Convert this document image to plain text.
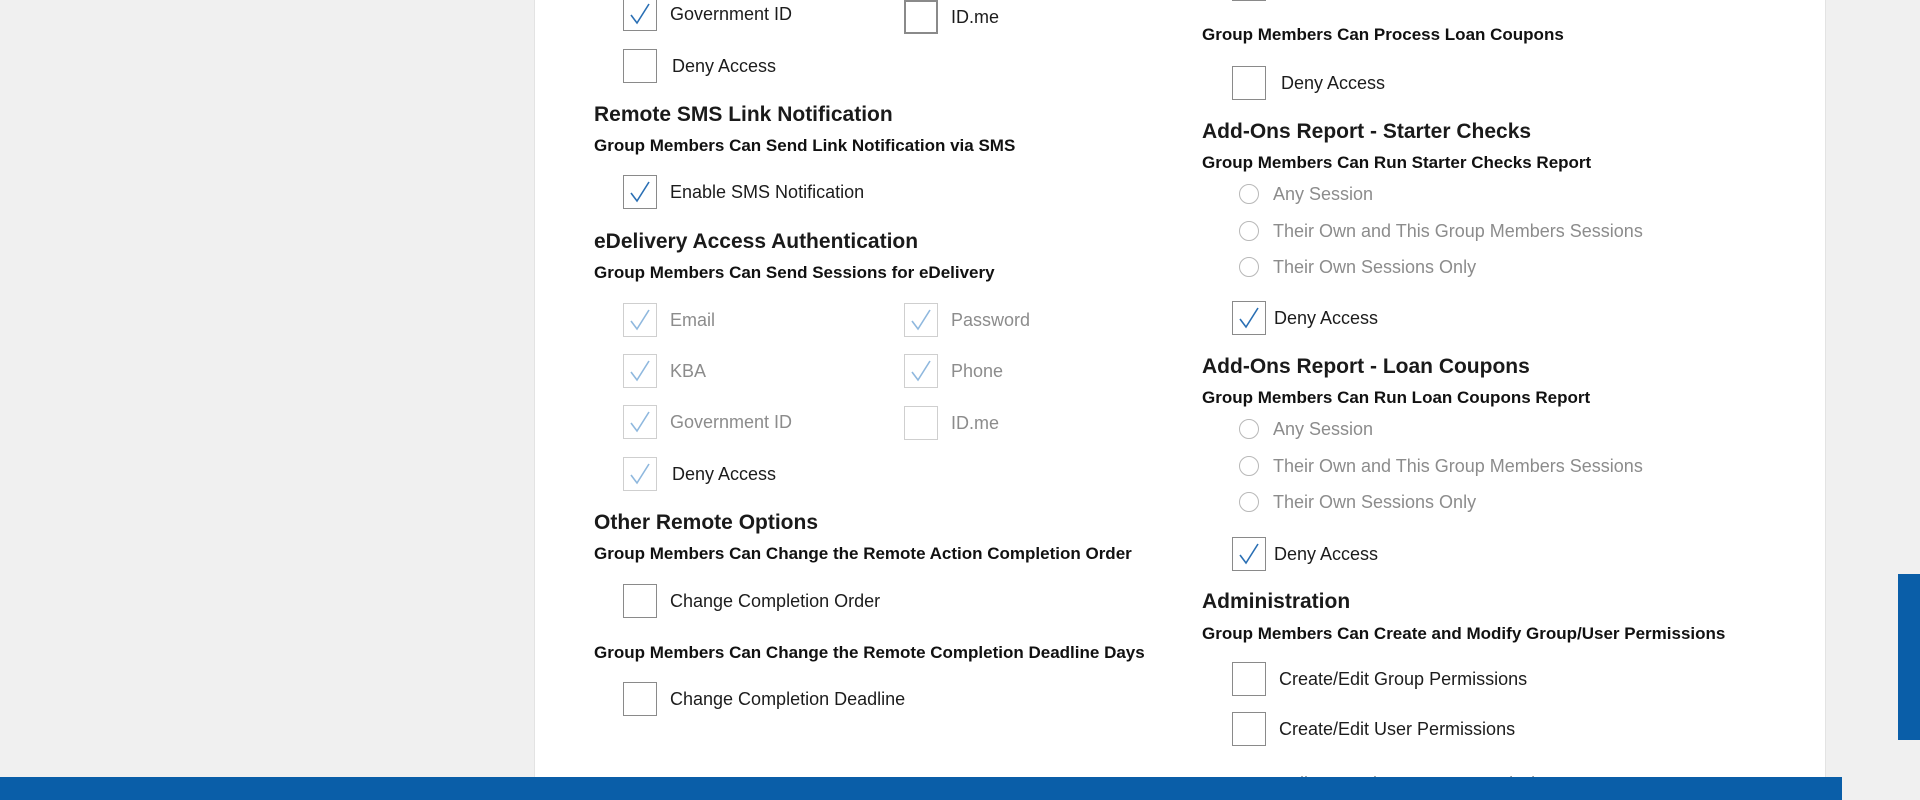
Government ID	ID.me
Deny Access
Remote SMS Link Notification
Group Members Can Send Link Notification via SMS
Enable SMS Notification
eDelivery Access Authentication
Group Members Can Send Sessions for eDelivery
Email	Password
KBA	Phone
Government ID	ID.me
Deny Access
Other Remote Options
Group Members Can Change the Remote Action Completion Order
Change Completion Order
Group Members Can Change the Remote Completion Deadline Days
Change Completion Deadline
Group Members Can Process Loan Coupons
Deny Access
Add-Ons Report - Starter Checks
Group Members Can Run Starter Checks Report
Any Session
Their Own and This Group Members Sessions
Their Own Sessions Only
Deny Access
Add-Ons Report - Loan Coupons
Group Members Can Run Loan Coupons Report
Any Session
Their Own and This Group Members Sessions
Their Own Sessions Only
Deny Access
Administration
Group Members Can Create and Modify Group/User Permissions
Create/Edit Group Permissions
Create/Edit User Permissions
